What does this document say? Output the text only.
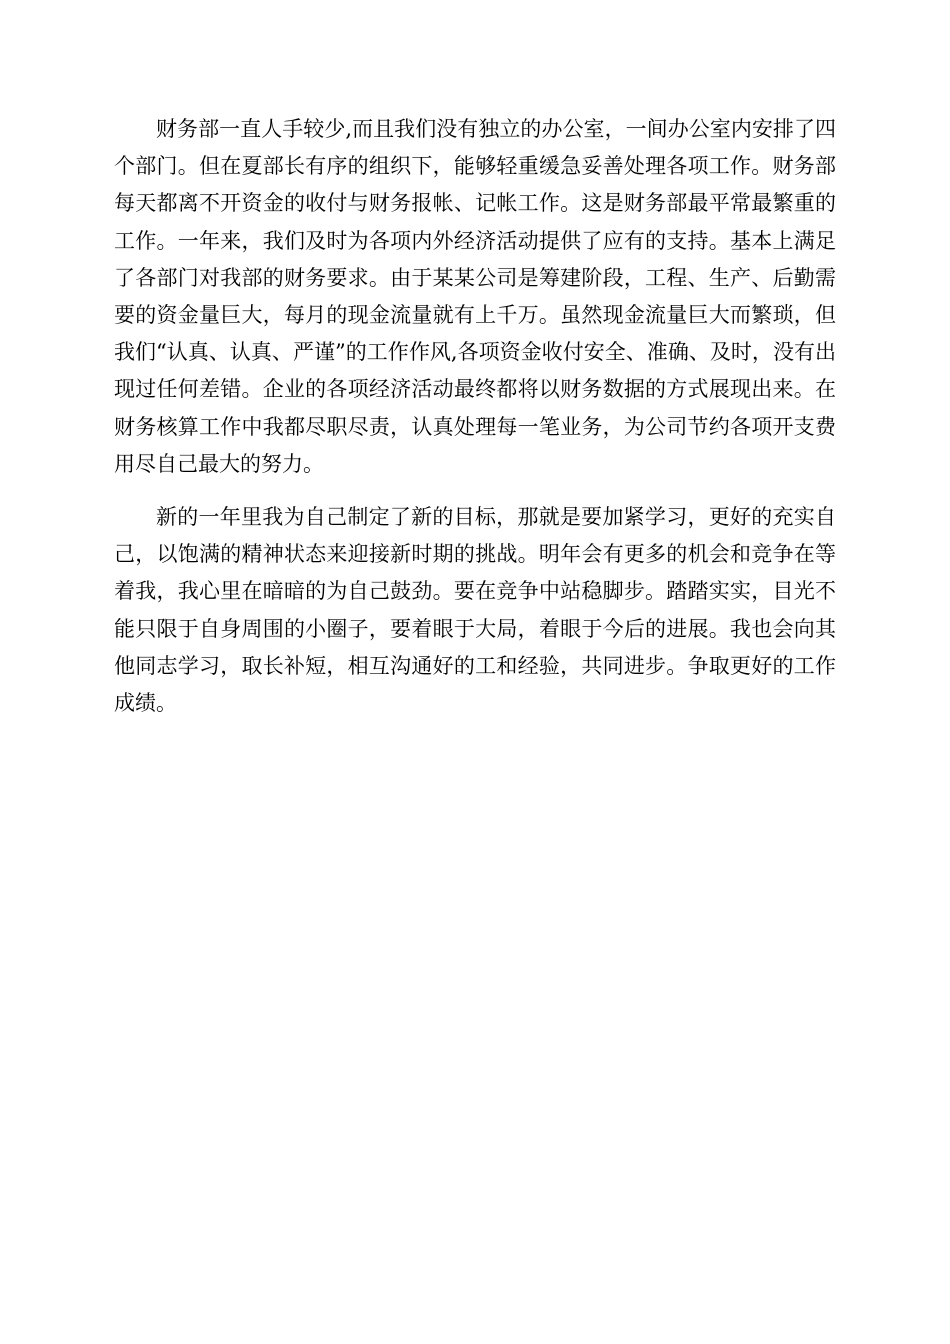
财务部一直人手较少,而且我们没有独立的办公室，一间办公室内安排了四个部门。但在夏部长有序的组织下，能够轻重缓急妥善处理各项工作。财务部每天都离不开资金的收付与财务报帐、记帐工作。这是财务部最平常最繁重的工作。一年来，我们及时为各项内外经济活动提供了应有的支持。基本上满足了各部门对我部的财务要求。由于某某公司是筹建阶段，工程、生产、后勤需要的资金量巨大，每月的现金流量就有上千万。虽然现金流量巨大而繁琐，但我们“认真、认真、严谨”的工作作风,各项资金收付安全、准确、及时，没有出现过任何差错。企业的各项经济活动最终都将以财务数据的方式展现出来。在财务核算工作中我都尽职尽责，认真处理每一笔业务，为公司节约各项开支费用尽自己最大的努力。

新的一年里我为自己制定了新的目标，那就是要加紧学习，更好的充实自己，以饱满的精神状态来迎接新时期的挑战。明年会有更多的机会和竞争在等着我，我心里在暗暗的为自己鼓劲。要在竞争中站稳脚步。踏踏实实，目光不能只限于自身周围的小圈子，要着眼于大局，着眼于今后的进展。我也会向其他同志学习，取长补短，相互沟通好的工和经验，共同进步。争取更好的工作成绩。
